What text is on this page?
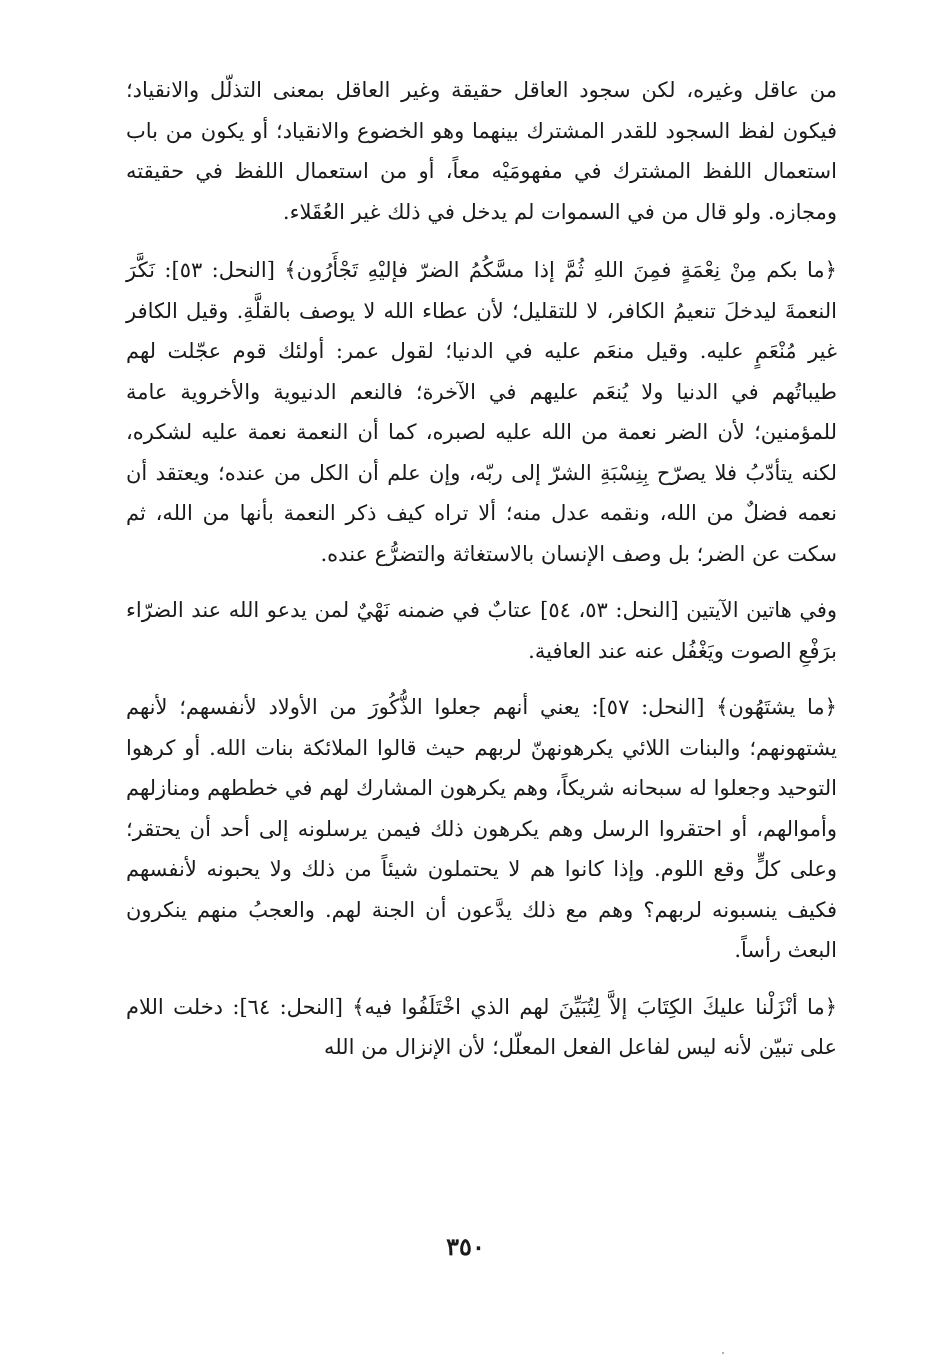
من عاقل وغيره، لكن سجود العاقل حقيقة وغير العاقل بمعنى التذلّل والانقياد؛ فيكون لفظ السجود للقدر المشترك بينهما وهو الخضوع والانقياد؛ أو يكون من باب استعمال اللفظ المشترك في مفهومَيْه معاً، أو من استعمال اللفظ في حقيقته ومجازه. ولو قال من في السموات لم يدخل في ذلك غير العُقَلاء.

﴿ما بكم مِنْ نِعْمَةٍ فمِنَ اللهِ ثُمَّ إذا مسَّكُمُ الضرّ فإليْهِ تَجْأَرُون﴾ [النحل: ٥٣]: نَكَّرَ النعمةَ ليدخلَ تنعيمُ الكافر، لا للتقليل؛ لأن عطاء الله لا يوصف بالقلَّةِ. وقيل الكافر غير مُنْعَمٍ عليه. وقيل منعَم عليه في الدنيا؛ لقول عمر: أولئك قوم عجّلت لهم طيباتُهم في الدنيا ولا يُنعَم عليهم في الآخرة؛ فالنعم الدنيوية والأخروية عامة للمؤمنين؛ لأن الضر نعمة من الله عليه لصبره، كما أن النعمة نعمة عليه لشكره، لكنه يتأدّبُ فلا يصرّح بِنِسْبَةِ الشرّ إلى ربّه، وإن علم أن الكل من عنده؛ ويعتقد أن نعمه فضلٌ من الله، ونقمه عدل منه؛ ألا تراه كيف ذكر النعمة بأنها من الله، ثم سكت عن الضر؛ بل وصف الإنسان بالاستغاثة والتضرُّع عنده.

وفي هاتين الآيتين [النحل: ٥٣، ٥٤] عتابٌ في ضمنه نَهْيٌ لمن يدعو الله عند الضرّاء برَفْعِ الصوت ويَغْفُل عنه عند العافية.

﴿ما يشتَهُون﴾ [النحل: ٥٧]: يعني أنهم جعلوا الذُّكُورَ من الأولاد لأنفسهم؛ لأنهم يشتهونهم؛ والبنات اللائي يكرهونهنّ لربهم حيث قالوا الملائكة بنات الله. أو كرهوا التوحيد وجعلوا له سبحانه شريكاً، وهم يكرهون المشارك لهم في خططهم ومنازلهم وأموالهم، أو احتقروا الرسل وهم يكرهون ذلك فيمن يرسلونه إلى أحد أن يحتقر؛ وعلى كلٍّ وقع اللوم. وإذا كانوا هم لا يحتملون شيئاً من ذلك ولا يحبونه لأنفسهم فكيف ينسبونه لربهم؟ وهم مع ذلك يدَّعون أن الجنة لهم. والعجبُ منهم ينكرون البعث رأساً.

﴿ما أنْزَلْنا عليكَ الكِتَابَ إلاَّ لِتُبَيِّنَ لهم الذي اخْتَلَفُوا فيه﴾ [النحل: ٦٤]: دخلت اللام على تبيّن لأنه ليس لفاعل الفعل المعلّل؛ لأن الإنزال من الله

٣٥٠
